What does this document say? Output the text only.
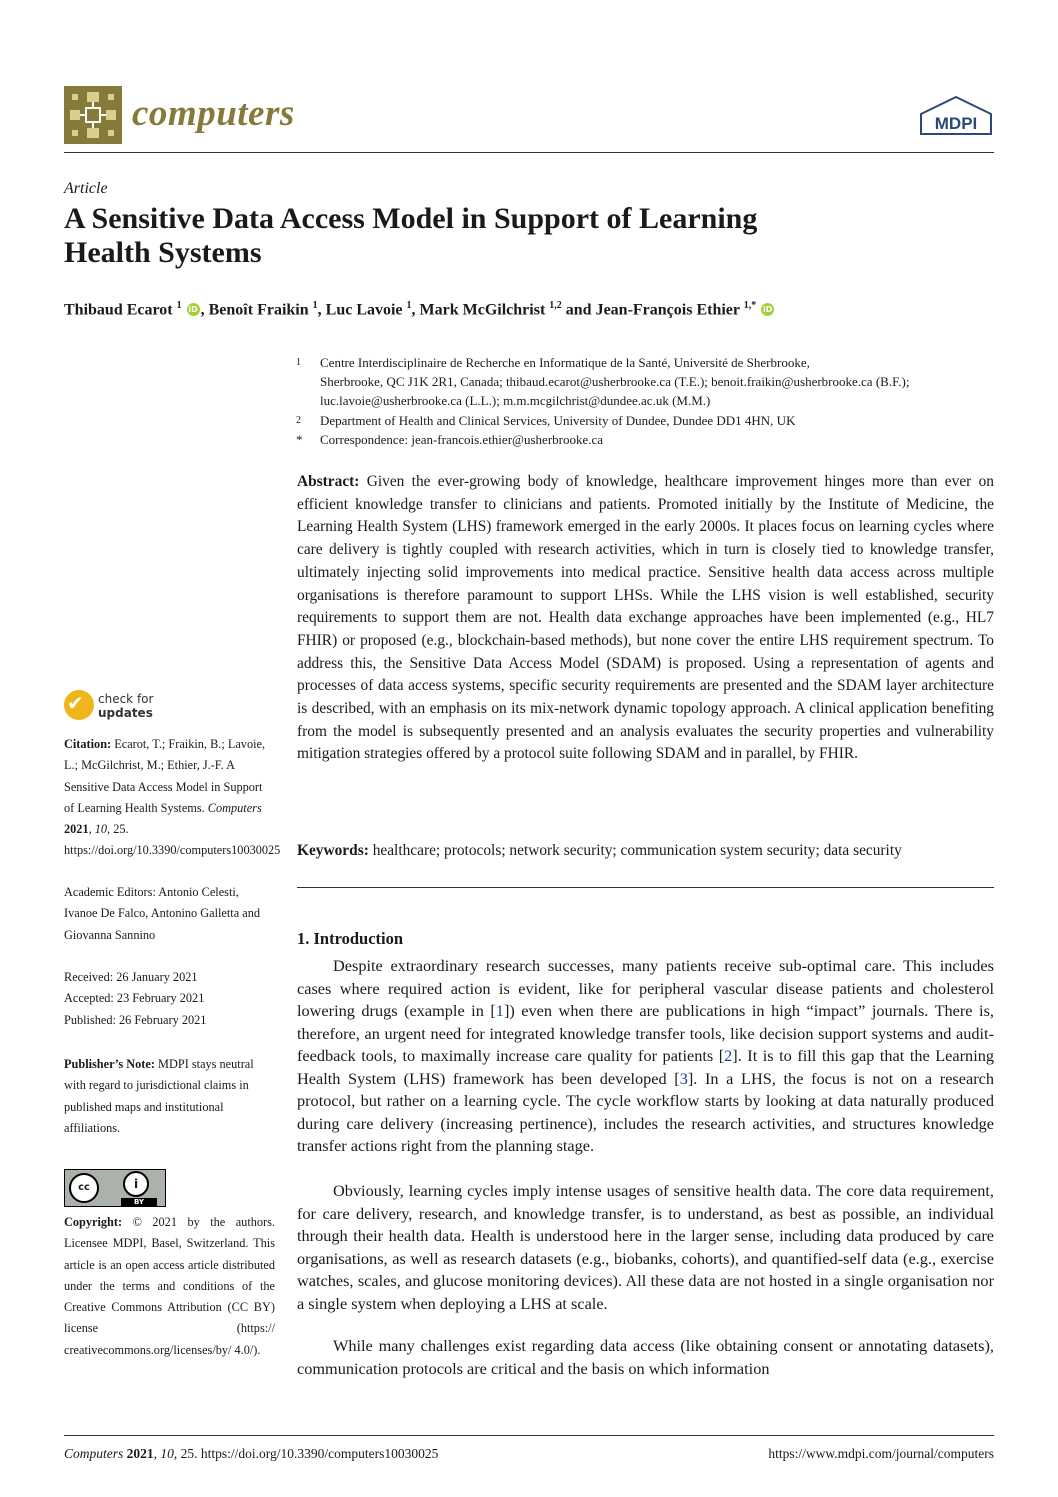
computers	MDPI
Article
A Sensitive Data Access Model in Support of Learning
Health Systems
Thibaud Ecarot $^1$ iD , Benoît Fraikin $^1$, Luc Lavoie $^1$, Mark McGilchrist $^{1,2}$ and Jean-François Ethier $^{1,*}$ iD
1 Centre Interdisciplinaire de Recherche en Informatique de la Santé, Université de Sherbrooke,
Sherbrooke, QC J1K 2R1, Canada; thibaud.ecarot@usherbrooke.ca (T.E.); benoit.fraikin@usherbrooke.ca (B.F.);
luc.lavoie@usherbrooke.ca (L.L.); m.m.mcgilchrist@dundee.ac.uk (M.M.)
2 Department of Health and Clinical Services, University of Dundee, Dundee DD1 4HN, UK
* Correspondence: jean-francois.ethier@usherbrooke.ca
Abstract: Given the ever-growing body of knowledge, healthcare improvement hinges more than ever on efficient knowledge transfer to clinicians and patients. Promoted initially by the Institute of Medicine, the Learning Health System (LHS) framework emerged in the early 2000s. It places focus on learning cycles where care delivery is tightly coupled with research activities, which in turn is closely tied to knowledge transfer, ultimately injecting solid improvements into medical practice. Sensitive health data access across multiple organisations is therefore paramount to support LHSs. While the LHS vision is well established, security requirements to support them are not. Health data exchange approaches have been implemented (e.g., HL7 FHIR) or proposed (e.g., blockchain-based methods), but none cover the entire LHS requirement spectrum. To address this, the Sensitive Data Access Model (SDAM) is proposed. Using a representation of agents and processes of data access systems, specific security requirements are presented and the SDAM layer architecture is described, with an emphasis on its mix-network dynamic topology approach. A clinical application benefiting from the model is subsequently presented and an analysis evaluates the security properties and vulnerability mitigation strategies offered by a protocol suite following SDAM and in parallel, by FHIR.
Keywords: healthcare; protocols; network security; communication system security; data security
1. Introduction
Despite extraordinary research successes, many patients receive sub-optimal care. This includes cases where required action is evident, like for peripheral vascular disease patients and cholesterol lowering drugs (example in [1]) even when there are publications in high “impact” journals. There is, therefore, an urgent need for integrated knowledge transfer tools, like decision support systems and audit-feedback tools, to maximally increase care quality for patients [2]. It is to fill this gap that the Learning Health System (LHS) framework has been developed [3]. In a LHS, the focus is not on a research protocol, but rather on a learning cycle. The cycle workflow starts by looking at data naturally produced during care delivery (increasing pertinence), includes the research activities, and structures knowledge transfer actions right from the planning stage.
Obviously, learning cycles imply intense usages of sensitive health data. The core data requirement, for care delivery, research, and knowledge transfer, is to understand, as best as possible, an individual through their health data. Health is understood here in the larger sense, including data produced by care organisations, as well as research datasets (e.g., biobanks, cohorts), and quantified-self data (e.g., exercise watches, scales, and glucose monitoring devices). All these data are not hosted in a single organisation nor a single system when deploying a LHS at scale.
While many challenges exist regarding data access (like obtaining consent or annotating datasets), communication protocols are critical and the basis on which information
✔ check for
updates
Citation: Ecarot, T.; Fraikin, B.; Lavoie, L.; McGilchrist, M.; Ethier, J.-F. A Sensitive Data Access Model in Support of Learning Health Systems. Computers 2021, 10, 25. https://doi.org/10.3390/computers10030025
Academic Editors: Antonio Celesti, Ivanoe De Falco, Antonino Galletta and Giovanna Sannino
Received: 26 January 2021
Accepted: 23 February 2021
Published: 26 February 2021
Publisher’s Note: MDPI stays neutral with regard to jurisdictional claims in published maps and institutional affiliations.
cc	i
BY
Copyright: © 2021 by the authors. Licensee MDPI, Basel, Switzerland. This article is an open access article distributed under the terms and conditions of the Creative Commons Attribution (CC BY) license (https:// creativecommons.org/licenses/by/ 4.0/).
Computers 2021, 10, 25. https://doi.org/10.3390/computers10030025	https://www.mdpi.com/journal/computers
